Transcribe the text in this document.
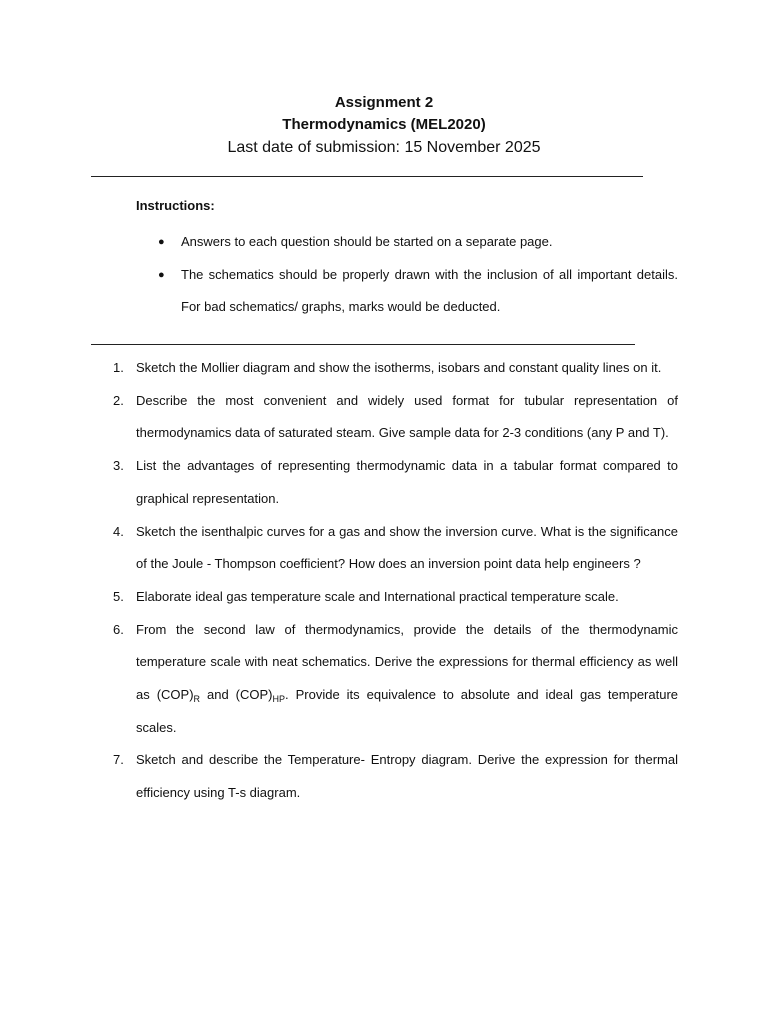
Assignment 2
Thermodynamics (MEL2020)
Last date of submission: 15 November 2025
Instructions:
● Answers to each question should be started on a separate page.
● The schematics should be properly drawn with the inclusion of all important details. For bad schematics/ graphs, marks would be deducted.
1. Sketch the Mollier diagram and show the isotherms, isobars and constant quality lines on it.
2. Describe the most convenient and widely used format for tubular representation of thermodynamics data of saturated steam. Give sample data for 2-3 conditions (any P and T).
3. List the advantages of representing thermodynamic data in a tabular format compared to graphical representation.
4. Sketch the isenthalpic curves for a gas and show the inversion curve. What is the significance of the Joule - Thompson coefficient? How does an inversion point data help engineers ?
5. Elaborate ideal gas temperature scale and International practical temperature scale.
6. From the second law of thermodynamics, provide the details of the thermodynamic temperature scale with neat schematics. Derive the expressions for thermal efficiency as well as $(COP)_R$ and $(COP)_{HP}$. Provide its equivalence to absolute and ideal gas temperature scales.
7. Sketch and describe the Temperature- Entropy diagram. Derive the expression for thermal efficiency using T-s diagram.
